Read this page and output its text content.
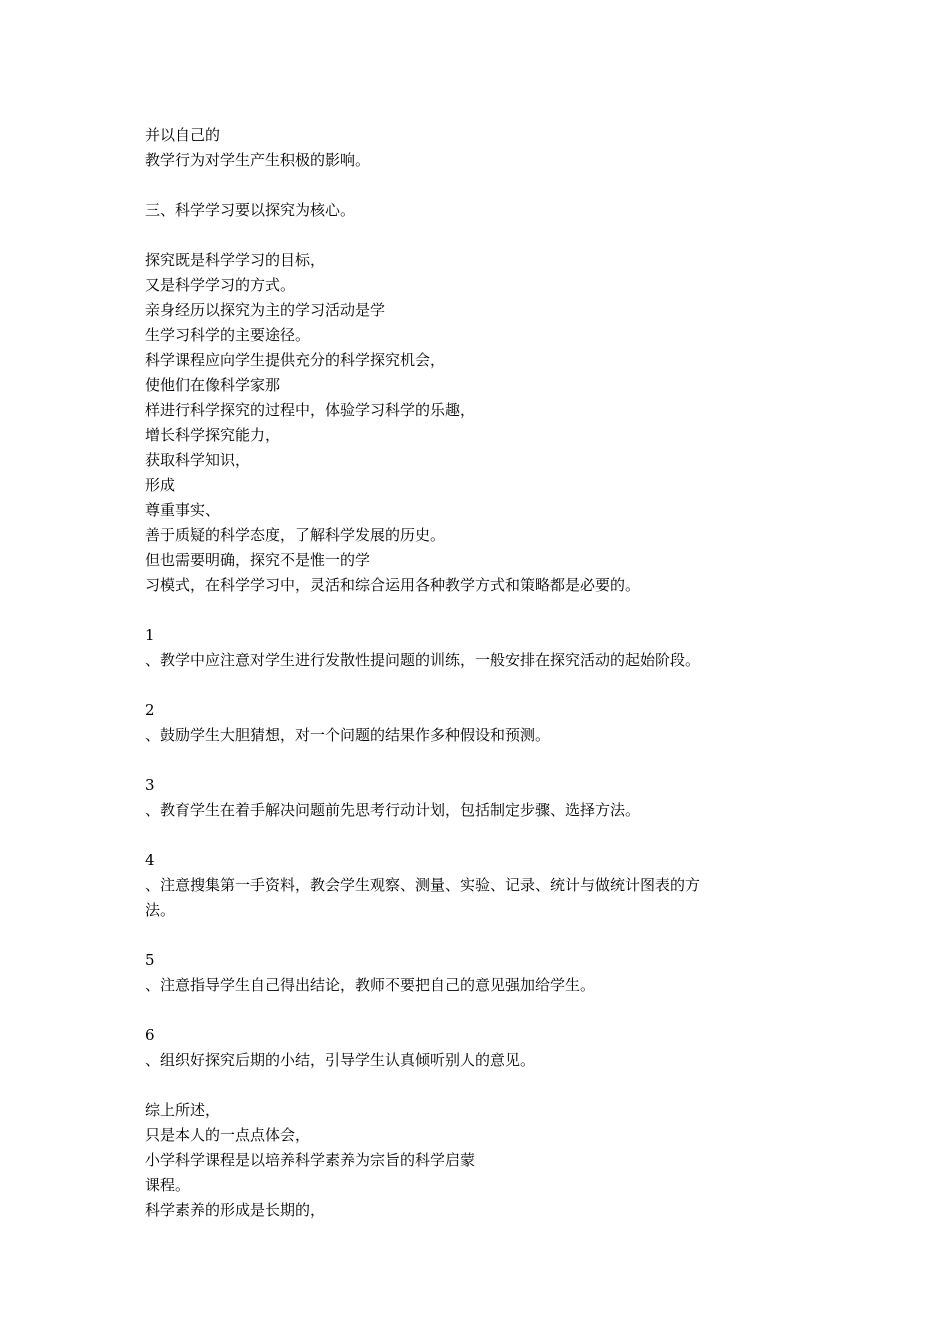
并以自己的
教学行为对学生产生积极的影响。
三、科学学习要以探究为核心。
探究既是科学学习的目标，
又是科学学习的方式。
亲身经历以探究为主的学习活动是学
生学习科学的主要途径。
科学课程应向学生提供充分的科学探究机会，
使他们在像科学家那
样进行科学探究的过程中，体验学习科学的乐趣，
增长科学探究能力，
获取科学知识，
形成
尊重事实、
善于质疑的科学态度，了解科学发展的历史。
但也需要明确，探究不是惟一的学
习模式，在科学学习中，灵活和综合运用各种教学方式和策略都是必要的。
1
、教学中应注意对学生进行发散性提问题的训练，一般安排在探究活动的起始阶段。
2
、鼓励学生大胆猜想，对一个问题的结果作多种假设和预测。
3
、教育学生在着手解决问题前先思考行动计划，包括制定步骤、选择方法。
4
、注意搜集第一手资料，教会学生观察、测量、实验、记录、统计与做统计图表的方
法。
5
、注意指导学生自己得出结论，教师不要把自己的意见强加给学生。
6
、组织好探究后期的小结，引导学生认真倾听别人的意见。
综上所述，
只是本人的一点点体会，
小学科学课程是以培养科学素养为宗旨的科学启蒙
课程。
科学素养的形成是长期的，
